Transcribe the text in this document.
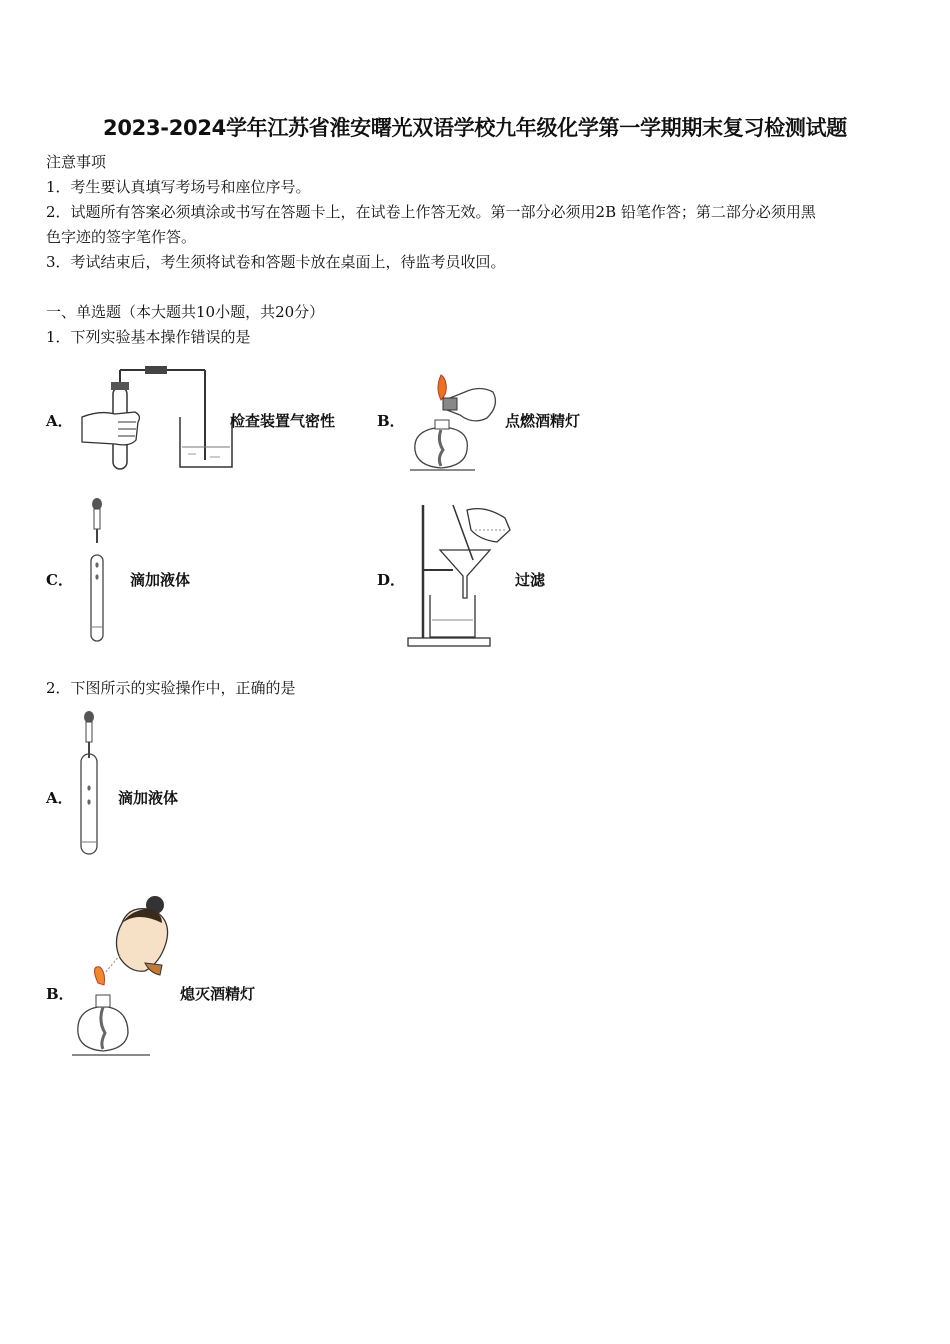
2023-2024学年江苏省淮安曙光双语学校九年级化学第一学期期末复习检测试题
注意事项
1．考生要认真填写考场号和座位序号。
2．试题所有答案必须填涂或书写在答题卡上，在试卷上作答无效。第一部分必须用2B 铅笔作答；第二部分必须用黑
色字迹的签字笔作答。
3．考试结束后，考生须将试卷和答题卡放在桌面上，待监考员收回。
一、单选题（本大题共10小题，共20分）
1．下列实验基本操作错误的是
A．	检查装置气密性	B．	点燃酒精灯
C．	滴加液体	D．	过滤
2．下图所示的实验操作中，正确的是
A．	滴加液体
B．	熄灭酒精灯
